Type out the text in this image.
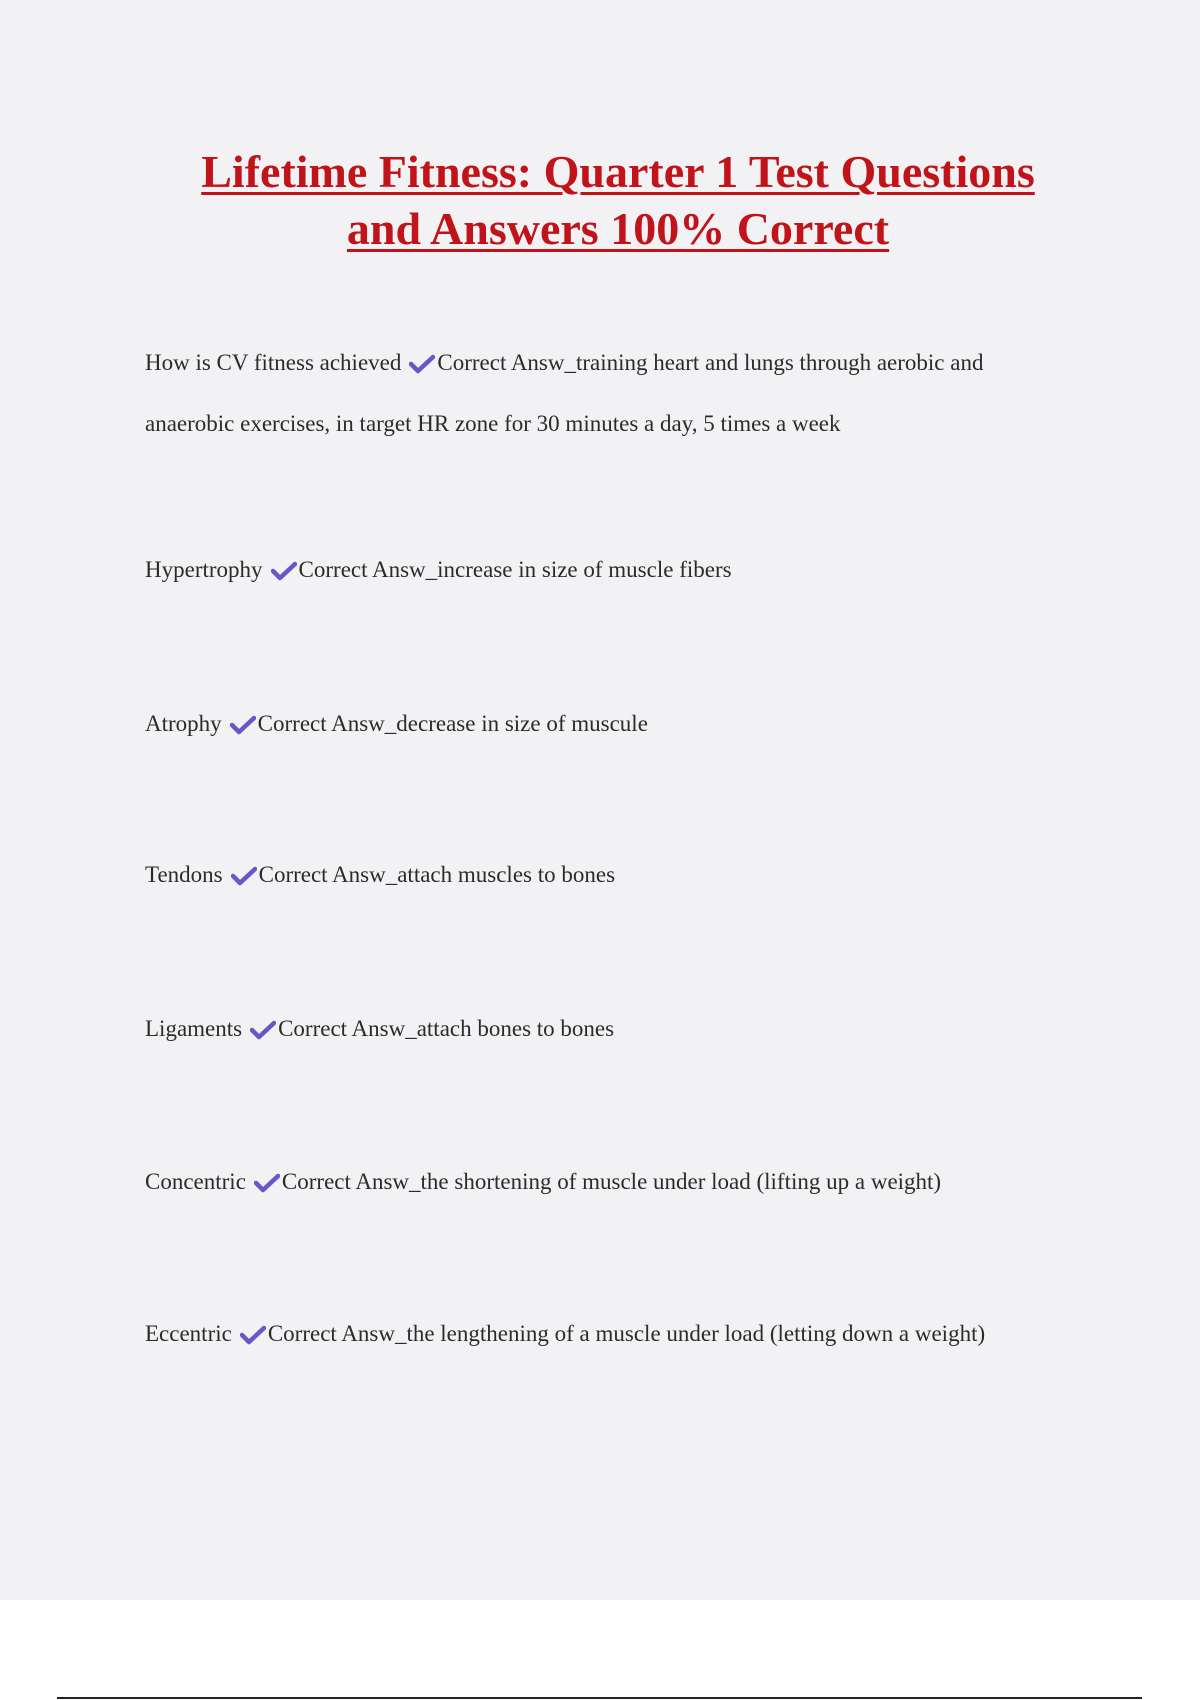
Lifetime Fitness: Quarter 1 Test Questions
and Answers 100% Correct
How is CV fitness achieved Correct Answ_training heart and lungs through aerobic and anaerobic exercises, in target HR zone for 30 minutes a day, 5 times a week
Hypertrophy Correct Answ_increase in size of muscle fibers
Atrophy Correct Answ_decrease in size of muscule
Tendons Correct Answ_attach muscles to bones
Ligaments Correct Answ_attach bones to bones
Concentric Correct Answ_the shortening of muscle under load (lifting up a weight)
Eccentric Correct Answ_the lengthening of a muscle under load (letting down a weight)
